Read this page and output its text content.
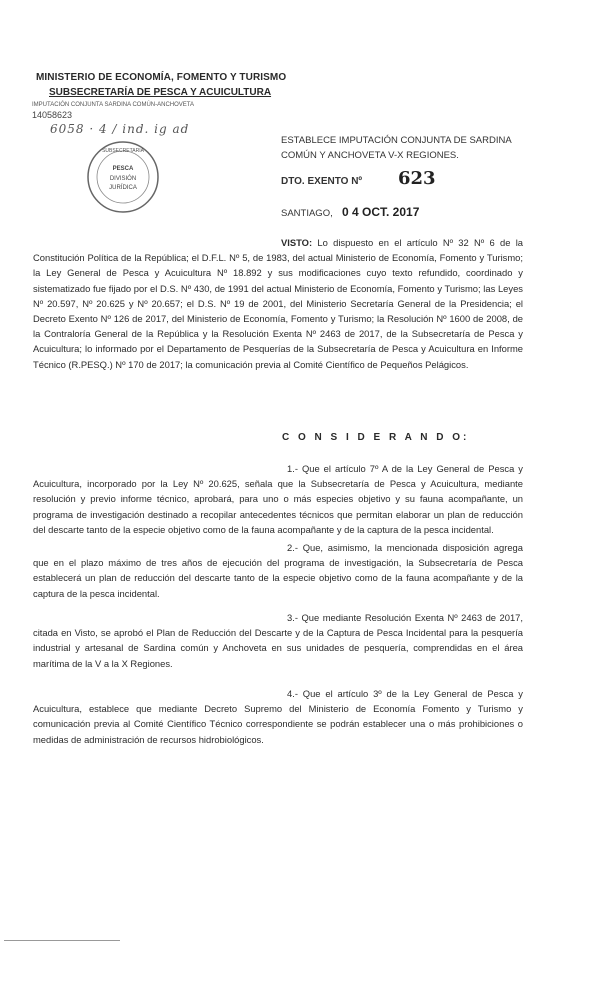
MINISTERIO DE ECONOMÍA, FOMENTO Y TURISMO
SUBSECRETARÍA DE PESCA Y ACUICULTURA
IMPUTACIÓN CONJUNTA SARDINA COMÚN-ANCHOVETA
14058623
6058 · 4 / ind. ig ad
SUBSECRETARIA
PESCA
DIVISIÓN
JURÍDICA
ESTABLECE IMPUTACIÓN CONJUNTA DE SARDINA COMÚN Y ANCHOVETA V-X REGIONES.
DTO. EXENTO Nº 623
SANTIAGO, 0 4 OCT. 2017
VISTO: Lo dispuesto en el artículo Nº 32 Nº 6 de la Constitución Política de la República; el D.F.L. Nº 5, de 1983, del actual Ministerio de Economía, Fomento y Turismo; la Ley General de Pesca y Acuicultura Nº 18.892 y sus modificaciones cuyo texto refundido, coordinado y sistematizado fue fijado por el D.S. Nº 430, de 1991 del actual Ministerio de Economía, Fomento y Turismo; las Leyes Nº 20.597, Nº 20.625 y Nº 20.657; el D.S. Nº 19 de 2001, del Ministerio Secretaría General de la Presidencia; el Decreto Exento Nº 126 de 2017, del Ministerio de Economía, Fomento y Turismo; la Resolución Nº 1600 de 2008, de la Contraloría General de la República y la Resolución Exenta Nº 2463 de 2017, de la Subsecretaría de Pesca y Acuicultura; lo informado por el Departamento de Pesquerías de la Subsecretaría de Pesca y Acuicultura en Informe Técnico (R.PESQ.) Nº 170 de 2017; la comunicación previa al Comité Científico de Pequeños Pelágicos.
C O N S I D E R A N D O:
1.- Que el artículo 7º A de la Ley General de Pesca y Acuicultura, incorporado por la Ley Nº 20.625, señala que la Subsecretaría de Pesca y Acuicultura, mediante resolución y previo informe técnico, aprobará, para uno o más especies objetivo y su fauna acompañante, un programa de investigación destinado a recopilar antecedentes técnicos que permitan elaborar un plan de reducción del descarte tanto de la especie objetivo como de la fauna acompañante y de la captura de la pesca incidental.
2.- Que, asimismo, la mencionada disposición agrega que en el plazo máximo de tres años de ejecución del programa de investigación, la Subsecretaría de Pesca establecerá un plan de reducción del descarte tanto de la especie objetivo como de la fauna acompañante y de la captura de la pesca incidental.
3.- Que mediante Resolución Exenta Nº 2463 de 2017, citada en Visto, se aprobó el Plan de Reducción del Descarte y de la Captura de Pesca Incidental para la pesquería industrial y artesanal de Sardina común y Anchoveta en sus unidades de pesquería, comprendidas en el área marítima de la V a la X Regiones.
4.- Que el artículo 3º de la Ley General de Pesca y Acuicultura, establece que mediante Decreto Supremo del Ministerio de Economía Fomento y Turismo y comunicación previa al Comité Científico Técnico correspondiente se podrán establecer una o más prohibiciones o medidas de administración de recursos hidrobiológicos.
